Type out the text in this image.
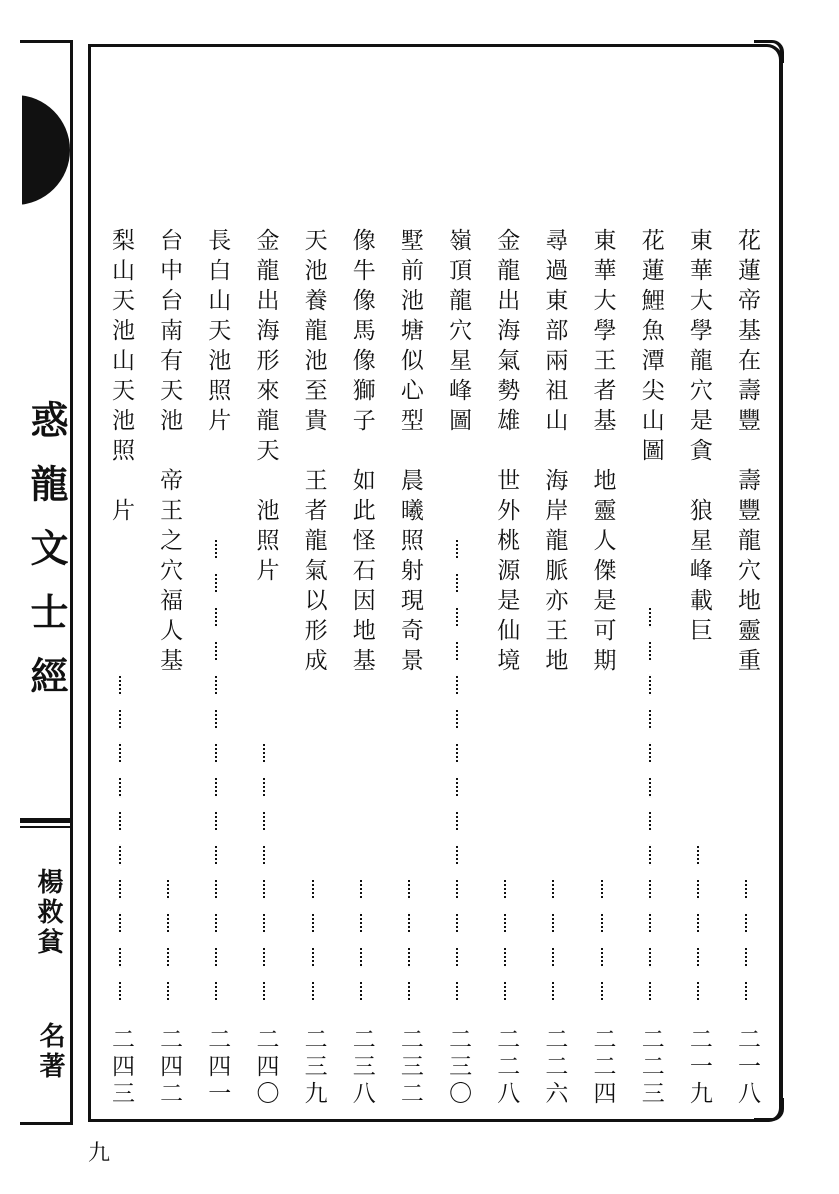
惑龍文士經
楊救貧
名著
花蓮帝基在壽豐　壽豐龍穴地靈重
二一八
東華大學龍穴是貪　狼星峰載巨
二一九
花蓮鯉魚潭尖山圖
二二三
東華大學王者基　地靈人傑是可期
二二四
尋過東部兩祖山　海岸龍脈亦王地
二二六
金龍出海氣勢雄　世外桃源是仙境
二二八
嶺頂龍穴星峰圖
二三〇
墅前池塘似心型　晨曦照射現奇景
二三二
像牛像馬像獅子　如此怪石因地基
二三八
天池養龍池至貴　王者龍氣以形成
二三九
金龍出海形來龍天　池照片
二四〇
長白山天池照片
二四一
台中台南有天池　帝王之穴福人基
二四二
梨山天池山天池照　片
二四三
九
